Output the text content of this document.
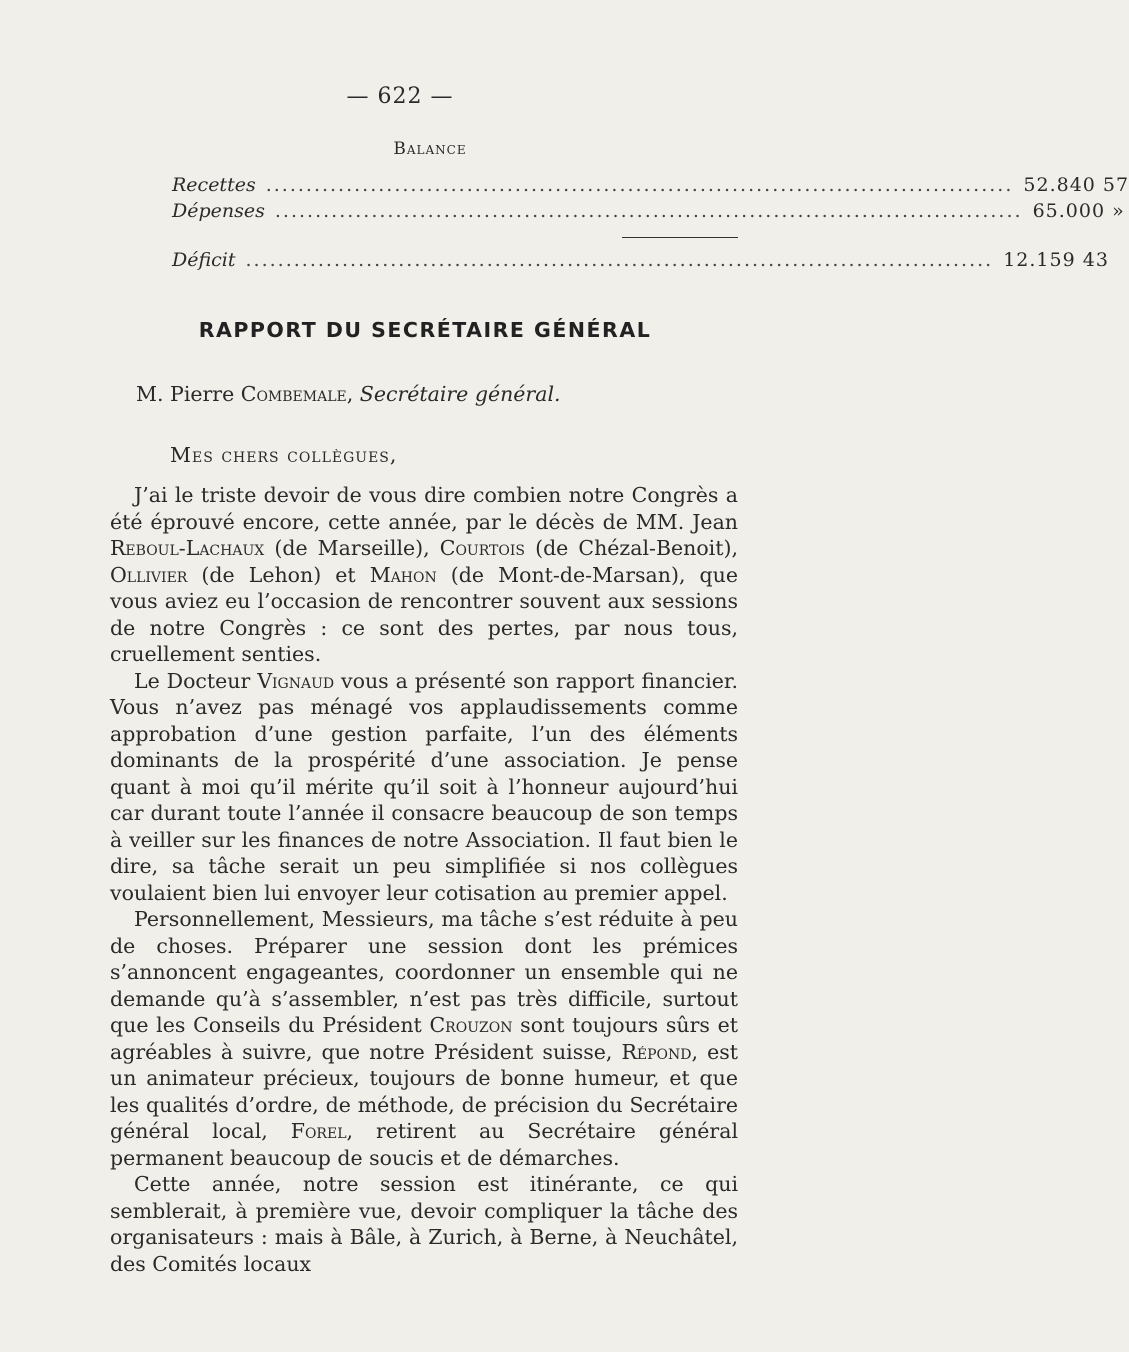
— 622 —
Balance
Recettes ............................................................................................. 52.840 57
Dépenses ............................................................................................. 65.000 »
Déficit ............................................................................................. 12.159 43
RAPPORT DU SECRÉTAIRE GÉNÉRAL
M. Pierre Combemale, Secrétaire général.
Mes chers collègues,

J’ai le triste devoir de vous dire combien notre Congrès a été éprouvé encore, cette année, par le décès de MM. Jean Reboul-Lachaux (de Marseille), Courtois (de Chézal-Benoit), Ollivier (de Lehon) et Mahon (de Mont-de-Marsan), que vous aviez eu l’occasion de rencontrer souvent aux sessions de notre Congrès : ce sont des pertes, par nous tous, cruellement senties.

Le Docteur Vignaud vous a présenté son rapport financier. Vous n’avez pas ménagé vos applaudissements comme approbation d’une gestion parfaite, l’un des éléments dominants de la prospérité d’une association. Je pense quant à moi qu’il mérite qu’il soit à l’honneur aujourd’hui car durant toute l’année il consacre beaucoup de son temps à veiller sur les finances de notre Association. Il faut bien le dire, sa tâche serait un peu simplifiée si nos collègues voulaient bien lui envoyer leur cotisation au premier appel.

Personnellement, Messieurs, ma tâche s’est réduite à peu de choses. Préparer une session dont les prémices s’annoncent engageantes, coordonner un ensemble qui ne demande qu’à s’assembler, n’est pas très difficile, surtout que les Conseils du Président Crouzon sont toujours sûrs et agréables à suivre, que notre Président suisse, Répond, est un animateur précieux, toujours de bonne humeur, et que les qualités d’ordre, de méthode, de précision du Secrétaire général local, Forel, retirent au Secrétaire général permanent beaucoup de soucis et de démarches.

Cette année, notre session est itinérante, ce qui semblerait, à première vue, devoir compliquer la tâche des organisateurs : mais à Bâle, à Zurich, à Berne, à Neuchâtel, des Comités locaux
